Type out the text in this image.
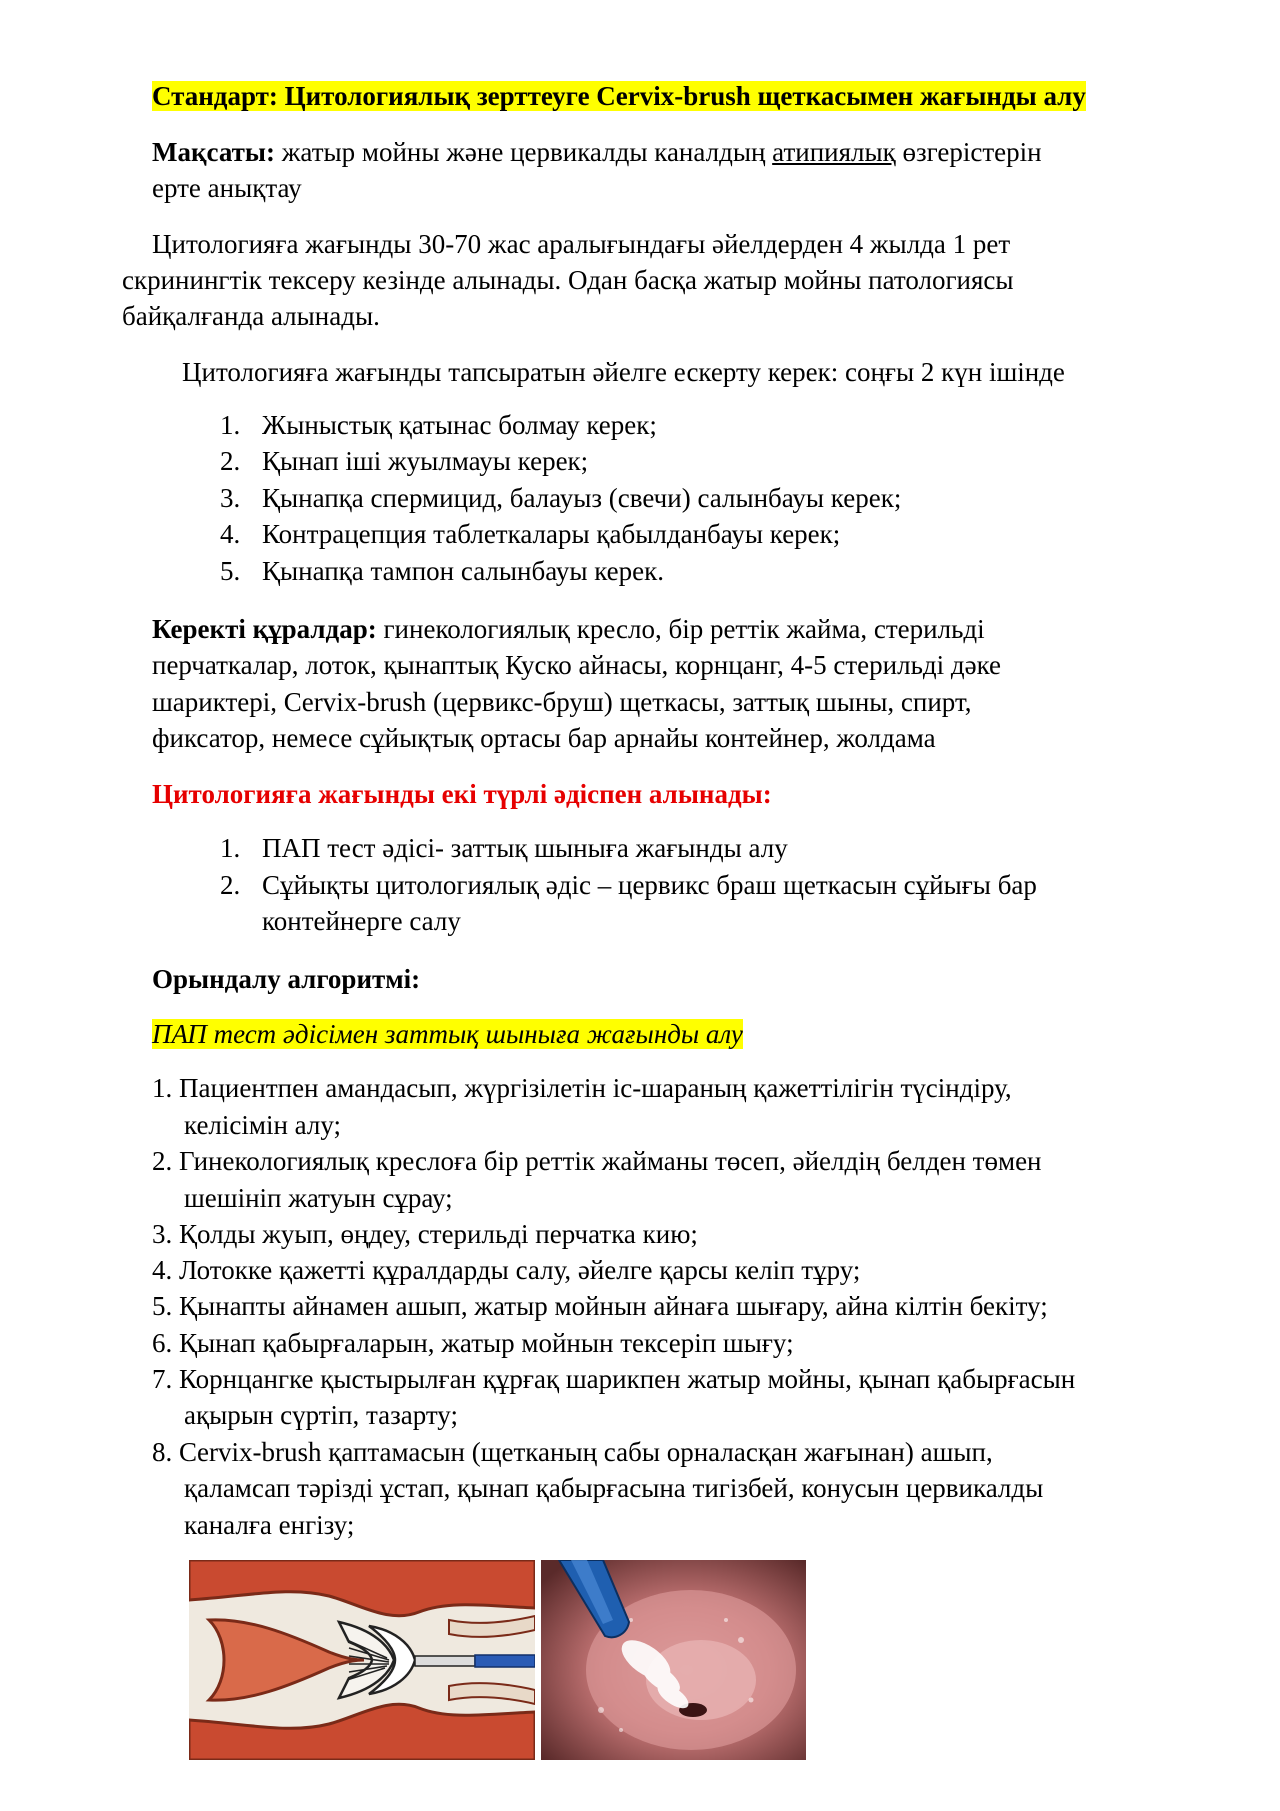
Стандарт: Цитологиялық зерттеуге Cervix-brush щеткасымен жағынды алу
Мақсаты: жатыр мойны және цервикалды каналдың атипиялық өзгерістерін
ерте анықтау
Цитологияға жағынды 30-70 жас аралығындағы әйелдерден 4 жылда 1 рет
скринингтік тексеру кезінде алынады. Одан басқа жатыр мойны патологиясы
байқалғанда алынады.
Цитологияға жағынды тапсыратын әйелге ескерту керек: соңғы 2 күн ішінде
1. Жыныстық қатынас болмау керек;
2. Қынап іші жуылмауы керек;
3. Қынапқа спермицид, балауыз (свечи) салынбауы керек;
4. Контрацепция таблеткалары қабылданбауы керек;
5. Қынапқа тампон салынбауы керек.
Керекті құралдар: гинекологиялық кресло, бір реттік жайма, стерильді
перчаткалар, лоток, қынаптық Куско айнасы, корнцанг, 4-5 стерильді дәке
шариктері, Cervix-brush (цервикс-бруш) щеткасы, заттық шыны, спирт,
фиксатор, немесе сұйықтық ортасы бар арнайы контейнер, жолдама
Цитологияға жағынды екі түрлі әдіспен алынады:
1. ПАП тест әдісі- заттық шыныға жағынды алу
2. Сұйықты цитологиялық әдіс – цервикс браш щеткасын сұйығы бар
контейнерге салу
Орындалу алгоритмі:
ПАП тест әдісімен заттық шыныға жағынды алу
1. Пациентпен амандасып, жүргізілетін іс-шараның қажеттілігін түсіндіру,
келісімін алу;
2. Гинекологиялық креслоға бір реттік жайманы төсеп, әйелдің белден төмен
шешініп жатуын сұрау;
3. Қолды жуып, өңдеу, стерильді перчатка кию;
4. Лотокке қажетті құралдарды салу, әйелге қарсы келіп тұру;
5. Қынапты айнамен ашып, жатыр мойнын айнаға шығару, айна кілтін бекіту;
6. Қынап қабырғаларын, жатыр мойнын тексеріп шығу;
7. Корнцангке қыстырылған құрғақ шарикпен жатыр мойны, қынап қабырғасын
ақырын сүртіп, тазарту;
8. Cervix-brush қаптамасын (щетканың сабы орналасқан жағынан) ашып,
қаламсап тәрізді ұстап, қынап қабырғасына тигізбей, конусын цервикалды
каналға енгізу;
